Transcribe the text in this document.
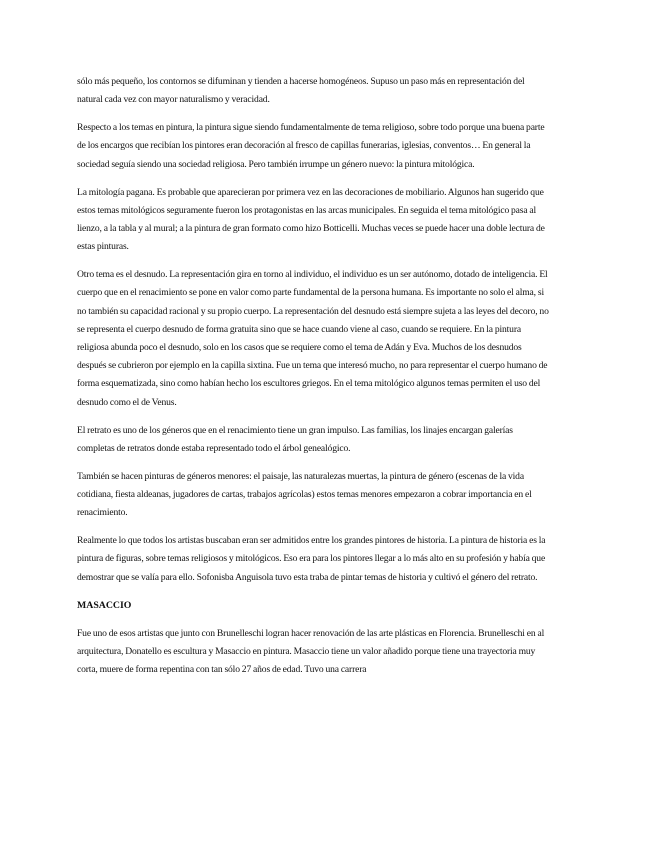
sólo más pequeño, los contornos se difuminan y tienden a hacerse homogéneos. Supuso un paso más en representación del natural cada vez con mayor naturalismo y veracidad.

Respecto a los temas en pintura, la pintura sigue siendo fundamentalmente de tema religioso, sobre todo porque una buena parte de los encargos que recibían los pintores eran decoración al fresco de capillas funerarias, iglesias, conventos… En general la sociedad seguía siendo una sociedad religiosa. Pero también irrumpe un género nuevo: la pintura mitológica.

La mitología pagana. Es probable que aparecieran por primera vez en las decoraciones de mobiliario. Algunos han sugerido que estos temas mitológicos seguramente fueron los protagonistas en las arcas municipales. En seguida el tema mitológico pasa al lienzo, a la tabla y al mural; a la pintura de gran formato como hizo Botticelli. Muchas veces se puede hacer una doble lectura de estas pinturas.

Otro tema es el desnudo. La representación gira en torno al individuo, el individuo es un ser autónomo, dotado de inteligencia. El cuerpo que en el renacimiento se pone en valor como parte fundamental de la persona humana. Es importante no solo el alma, si no también su capacidad racional y su propio cuerpo. La representación del desnudo está siempre sujeta a las leyes del decoro, no se representa el cuerpo desnudo de forma gratuita sino que se hace cuando viene al caso, cuando se requiere. En la pintura religiosa abunda poco el desnudo, solo en los casos que se requiere como el tema de Adán y Eva. Muchos de los desnudos después se cubrieron por ejemplo en la capilla sixtina. Fue un tema que interesó mucho, no para representar el cuerpo humano de forma esquematizada, sino como habían hecho los escultores griegos. En el tema mitológico algunos temas permiten el uso del desnudo como el de Venus.

El retrato es uno de los géneros que en el renacimiento tiene un gran impulso. Las familias, los linajes encargan galerías completas de retratos donde estaba representado todo el árbol genealógico.

También se hacen pinturas de géneros menores: el paisaje, las naturalezas muertas, la pintura de género (escenas de la vida cotidiana, fiesta aldeanas, jugadores de cartas, trabajos agrícolas) estos temas menores empezaron a cobrar importancia en el renacimiento.

Realmente lo que todos los artistas buscaban eran ser admitidos entre los grandes pintores de historia. La pintura de historia es la pintura de figuras, sobre temas religiosos y mitológicos. Eso era para los pintores llegar a lo más alto en su profesión y había que demostrar que se valía para ello. Sofonisba Anguisola tuvo esta traba de pintar temas de historia y cultivó el género del retrato.

MASACCIO

Fue uno de esos artistas que junto con Brunelleschi logran hacer renovación de las arte plásticas en Florencia. Brunelleschi en al arquitectura, Donatello es escultura y Masaccio en pintura. Masaccio tiene un valor añadido porque tiene una trayectoria muy corta, muere de forma repentina con tan sólo 27 años de edad. Tuvo una carrera
